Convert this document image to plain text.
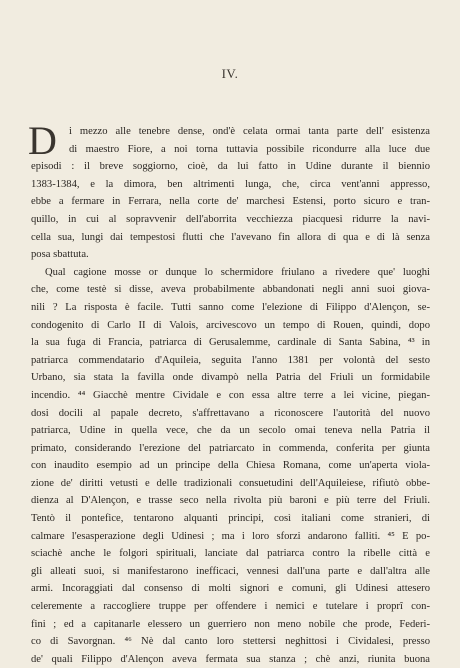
IV.
D	i mezzo alle tenebre dense, ond'è celata ormai tanta parte dell' esistenza
di maestro Fiore, a noi torna tuttavia possibile ricondurre alla luce due
episodi : il breve soggiorno, cioè, da lui fatto in Udine durante il biennio
1383-1384, e la dimora, ben altrimenti lunga, che, circa vent'anni appresso,
ebbe a fermare in Ferrara, nella corte de' marchesi Estensi, porto sicuro e tran-
quillo, in cui al sopravvenir dell'aborrita vecchiezza piacquesi ridurre la navi-
cella sua, lungi dai tempestosi flutti che l'avevano fin allora di qua e di là senza
posa sbattuta.
Qual cagione mosse or dunque lo schermidore friulano a rivedere que' luoghi
che, come testè si disse, aveva probabilmente abbandonati negli anni suoi giova-
nili ? La risposta è facile. Tutti sanno come l'elezione di Filippo d'Alençon, se-
condogenito di Carlo II di Valois, arcivescovo un tempo di Rouen, quindi, dopo
la sua fuga di Francia, patriarca di Gerusalemme, cardinale di Santa Sabina, ⁴³ in
patriarca commendatario d'Aquileia, seguita l'anno 1381 per volontà del sesto
Urbano, sia stata la favilla onde divampò nella Patria del Friuli un formidabile
incendio. ⁴⁴ Giacchè mentre Cividale e con essa altre terre a lei vicine, piegan-
dosi docili al papale decreto, s'affrettavano a riconoscere l'autorità del nuovo
patriarca, Udine in quella vece, che da un secolo omai teneva nella Patria il
primato, considerando l'erezione del patriarcato in commenda, conferita per giunta
con inaudito esempio ad un principe della Chiesa Romana, come un'aperta viola-
zione de' diritti vetusti e delle tradizionali consuetudini dell'Aquileiese, rifiutò obbe-
dienza al D'Alençon, e trasse seco nella rivolta più baroni e più terre del Friuli.
Tentò il pontefice, tentarono alquanti principi, così italiani come stranieri, di
calmare l'esasperazione degli Udinesi ; ma i loro sforzi andarono falliti. ⁴⁵ E po-
sciachè anche le folgori spirituali, lanciate dal patriarca contro la ribelle città e
gli alleati suoi, si manifestarono inefficaci, vennesi dall'una parte e dall'altra alle
armi. Incoraggiati dal consenso di molti signori e comuni, gli Udinesi attesero
celeremente a raccogliere truppe per offendere i nemici e tutelare i proprî con-
fini ; ed a capitanarle elessero un guerriero non meno nobile che prode, Federi-
co di Savorgnan. ⁴⁶ Nè dal canto loro stettersi neghittosi i Cividalesi, presso
de' quali Filippo d'Alençon aveva fermata sua stanza ; chè anzi, riunita buona
